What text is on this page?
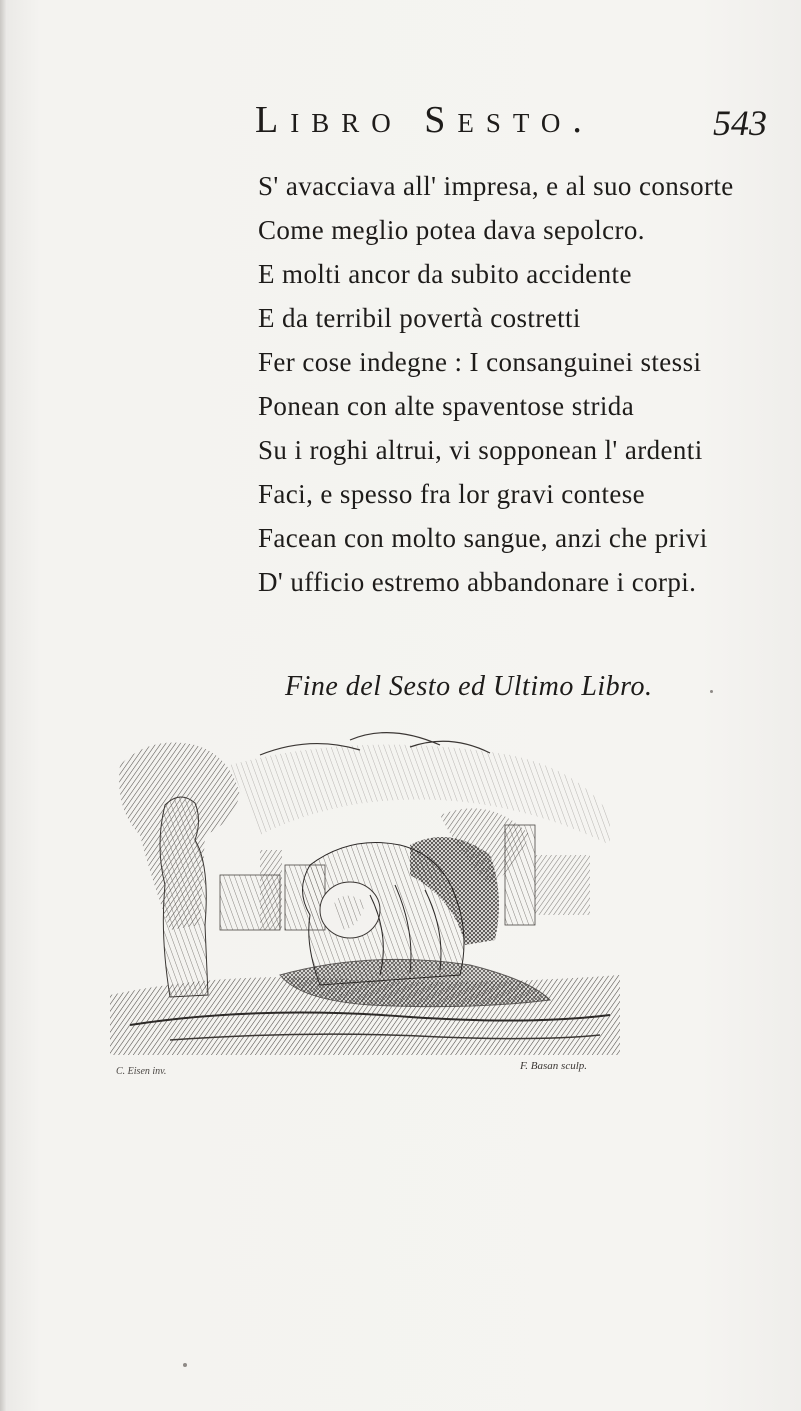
Libro Sesto.	543
S' avacciava all' impresa, e al suo consorte
Come meglio potea dava sepolcro.
E molti ancor da subito accidente
E da terribil povertà costretti
Fer cose indegne : I consanguinei stessi
Ponean con alte spaventose strida
Su i roghi altrui, vi sopponean l' ardenti
Faci, e spesso fra lor gravi contese
Facean con molto sangue, anzi che privi
D' ufficio estremo abbandonare i corpi.
Fine del Sesto ed Ultimo Libro.
C. Eisen inv.	F. Basan sculp.
